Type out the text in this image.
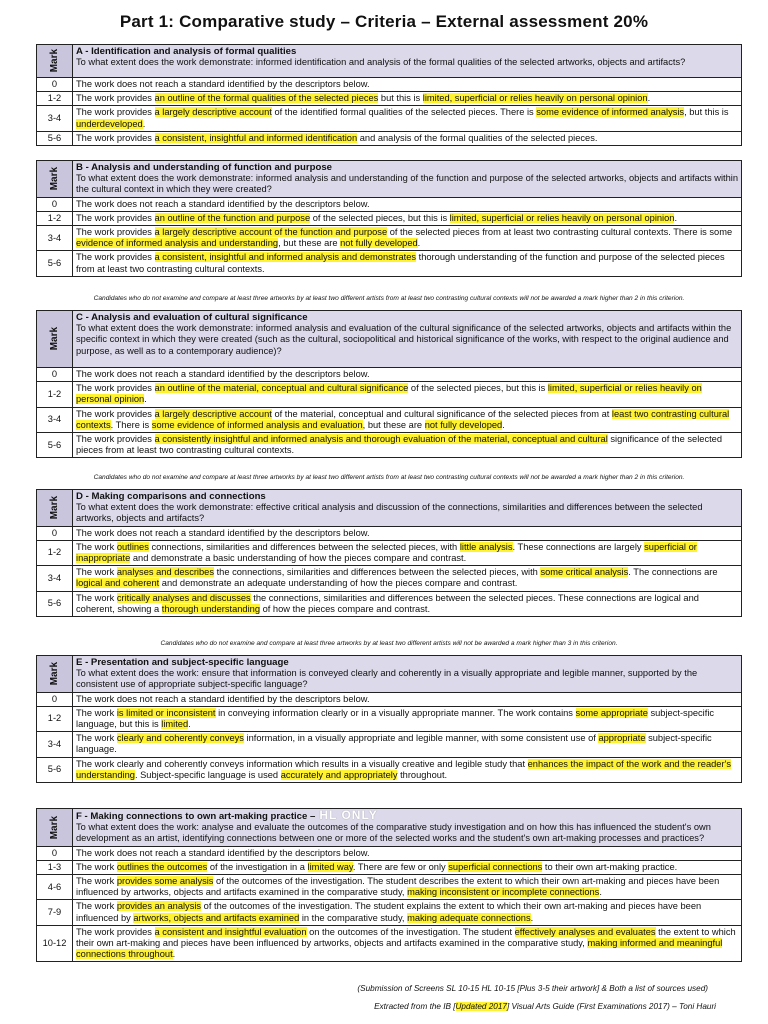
Part 1: Comparative study – Criteria – External assessment 20%
Mark	A - Identification and analysis of formal qualities
To what extent does the work demonstrate: informed identification and analysis of the formal qualities of the selected artworks, objects and artifacts?
0	The work does not reach a standard identified by the descriptors below.
1-2	The work provides an outline of the formal qualities of the selected pieces but this is limited, superficial or relies heavily on personal opinion.
3-4	The work provides a largely descriptive account of the identified formal qualities of the selected pieces. There is some evidence of informed analysis, but this is underdeveloped.
5-6	The work provides a consistent, insightful and informed identification and analysis of the formal qualities of the selected pieces.
Mark	B - Analysis and understanding of function and purpose
To what extent does the work demonstrate: informed analysis and understanding of the function and purpose of the selected artworks, objects and artifacts within the cultural context in which they were created?
0	The work does not reach a standard identified by the descriptors below.
1-2	The work provides an outline of the function and purpose of the selected pieces, but this is limited, superficial or relies heavily on personal opinion.
3-4	The work provides a largely descriptive account of the function and purpose of the selected pieces from at least two contrasting cultural contexts. There is some evidence of informed analysis and understanding, but these are not fully developed.
5-6	The work provides a consistent, insightful and informed analysis and demonstrates thorough understanding of the function and purpose of the selected pieces from at least two contrasting cultural contexts.
Candidates who do not examine and compare at least three artworks by at least two different artists from at least two contrasting cultural contexts will not be awarded a mark higher than 2 in this criterion.
Mark	C - Analysis and evaluation of cultural significance
To what extent does the work demonstrate: informed analysis and evaluation of the cultural significance of the selected artworks, objects and artifacts within the specific context in which they were created (such as the cultural, sociopolitical and historical significance of the works, with respect to the original audience and purpose, as well as to a contemporary audience)?
0	The work does not reach a standard identified by the descriptors below.
1-2	The work provides an outline of the material, conceptual and cultural significance of the selected pieces, but this is limited, superficial or relies heavily on personal opinion.
3-4	The work provides a largely descriptive account of the material, conceptual and cultural significance of the selected pieces from at least two contrasting cultural contexts. There is some evidence of informed analysis and evaluation, but these are not fully developed.
5-6	The work provides a consistently insightful and informed analysis and thorough evaluation of the material, conceptual and cultural significance of the selected pieces from at least two contrasting cultural contexts.
Candidates who do not examine and compare at least three artworks by at least two different artists from at least two contrasting cultural contexts will not be awarded a mark higher than 2 in this criterion.
Mark	D - Making comparisons and connections
To what extent does the work demonstrate: effective critical analysis and discussion of the connections, similarities and differences between the selected artworks, objects and artifacts?
0	The work does not reach a standard identified by the descriptors below.
1-2	The work outlines connections, similarities and differences between the selected pieces, with little analysis. These connections are largely superficial or inappropriate and demonstrate a basic understanding of how the pieces compare and contrast.
3-4	The work analyses and describes the connections, similarities and differences between the selected pieces, with some critical analysis. The connections are logical and coherent and demonstrate an adequate understanding of how the pieces compare and contrast.
5-6	The work critically analyses and discusses the connections, similarities and differences between the selected pieces. These connections are logical and coherent, showing a thorough understanding of how the pieces compare and contrast.
Candidates who do not examine and compare at least three artworks by at least two different artists will not be awarded a mark higher than 3 in this criterion.
Mark	E - Presentation and subject-specific language
To what extent does the work: ensure that information is conveyed clearly and coherently in a visually appropriate and legible manner, supported by the consistent use of appropriate subject-specific language?
0	The work does not reach a standard identified by the descriptors below.
1-2	The work is limited or inconsistent in conveying information clearly or in a visually appropriate manner. The work contains some appropriate subject-specific language, but this is limited.
3-4	The work clearly and coherently conveys information, in a visually appropriate and legible manner, with some consistent use of appropriate subject-specific language.
5-6	The work clearly and coherently conveys information which results in a visually creative and legible study that enhances the impact of the work and the reader's understanding. Subject-specific language is used accurately and appropriately throughout.
Mark	F - Making connections to own art-making practice – HL ONLY
To what extent does the work: analyse and evaluate the outcomes of the comparative study investigation and on how this has influenced the student's own development as an artist, identifying connections between one or more of the selected works and the student's own art-making processes and practices?
0	The work does not reach a standard identified by the descriptors below.
1-3	The work outlines the outcomes of the investigation in a limited way. There are few or only superficial connections to their own art-making practice.
4-6	The work provides some analysis of the outcomes of the investigation. The student describes the extent to which their own art-making and pieces have been influenced by artworks, objects and artifacts examined in the comparative study, making inconsistent or incomplete connections.
7-9	The work provides an analysis of the outcomes of the investigation. The student explains the extent to which their own art-making and pieces have been influenced by artworks, objects and artifacts examined in the comparative study, making adequate connections.
10-12	The work provides a consistent and insightful evaluation on the outcomes of the investigation. The student effectively analyses and evaluates the extent to which their own art-making and pieces have been influenced by artworks, objects and artifacts examined in the comparative study, making informed and meaningful connections throughout.
(Submission of Screens SL 10-15 HL 10-15 [Plus 3-5 their artwork] & Both a list of sources used)
Extracted from the IB [Updated 2017] Visual Arts Guide (First Examinations 2017) – Toni Hauri
